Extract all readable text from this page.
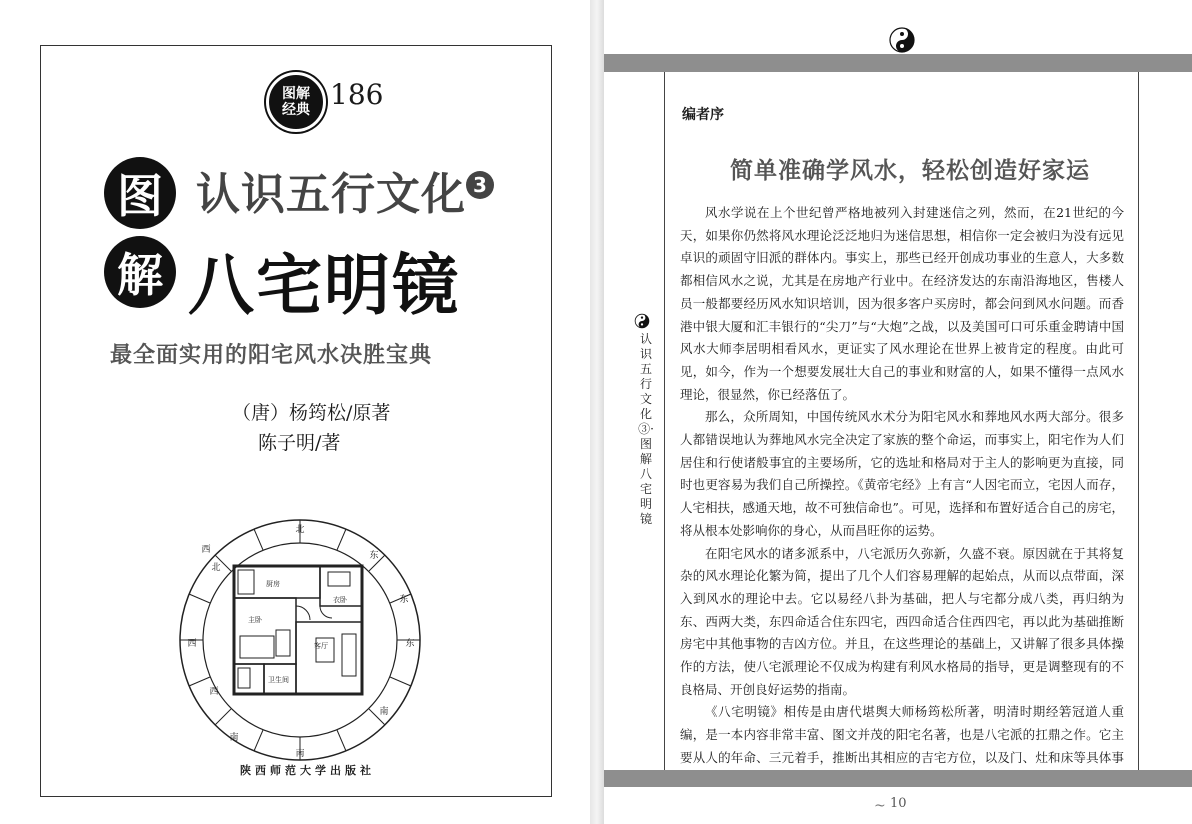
图解
经典 186
图
解
认识五行文化 3
八宅明镜
最全面实用的阳宅风水决胜宝典
（唐）杨筠松/原著
陈子明/著
厨房
衣卧
主卧
客厅
卫生间
北
东
东
东
南
南
南
西
西
西
北
陕西师范大学出版社
认识五行文化③·图解八宅明镜
编者序
简单准确学风水，轻松创造好家运

风水学说在上个世纪曾严格地被列入封建迷信之列，然而，在21世纪的今天，如果你仍然将风水理论泛泛地归为迷信思想，相信你一定会被归为没有远见卓识的顽固守旧派的群体内。事实上，那些已经开创成功事业的生意人，大多数都相信风水之说，尤其是在房地产行业中。在经济发达的东南沿海地区，售楼人员一般都要经历风水知识培训，因为很多客户买房时，都会问到风水问题。而香港中银大厦和汇丰银行的“尖刀”与“大炮”之战，以及美国可口可乐重金聘请中国风水大师李居明相看风水，更证实了风水理论在世界上被肯定的程度。由此可见，如今，作为一个想要发展壮大自己的事业和财富的人，如果不懂得一点风水理论，很显然，你已经落伍了。

那么，众所周知，中国传统风水术分为阳宅风水和葬地风水两大部分。很多人都错误地认为葬地风水完全决定了家族的整个命运，而事实上，阳宅作为人们居住和行使诸般事宜的主要场所，它的选址和格局对于主人的影响更为直接，同时也更容易为我们自己所操控。《黄帝宅经》上有言“人因宅而立，宅因人而存，人宅相扶，感通天地，故不可独信命也”。可见，选择和布置好适合自己的房宅，将从根本处影响你的身心，从而昌旺你的运势。

在阳宅风水的诸多派系中，八宅派历久弥新，久盛不衰。原因就在于其将复杂的风水理论化繁为简，提出了几个人们容易理解的起始点，从而以点带面，深入到风水的理论中去。它以易经八卦为基础，把人与宅都分成八类，再归纳为东、西两大类，东四命适合住东四宅，西四命适合住西四宅，再以此为基础推断房宅中其他事物的吉凶方位。并且，在这些理论的基础上，又讲解了很多具体操作的方法，使八宅派理论不仅成为构建有利风水格局的指导，更是调整现有的不良格局、开创良好运势的指南。

《八宅明镜》相传是由唐代堪舆大师杨筠松所著，明清时期经箬冠道人重编，是一本内容非常丰富、图文并茂的阳宅名著，也是八宅派的扛鼎之作。它主要从人的年命、三元着手，推断出其相应的吉宅方位，以及门、灶和床等具体事

~ 10
